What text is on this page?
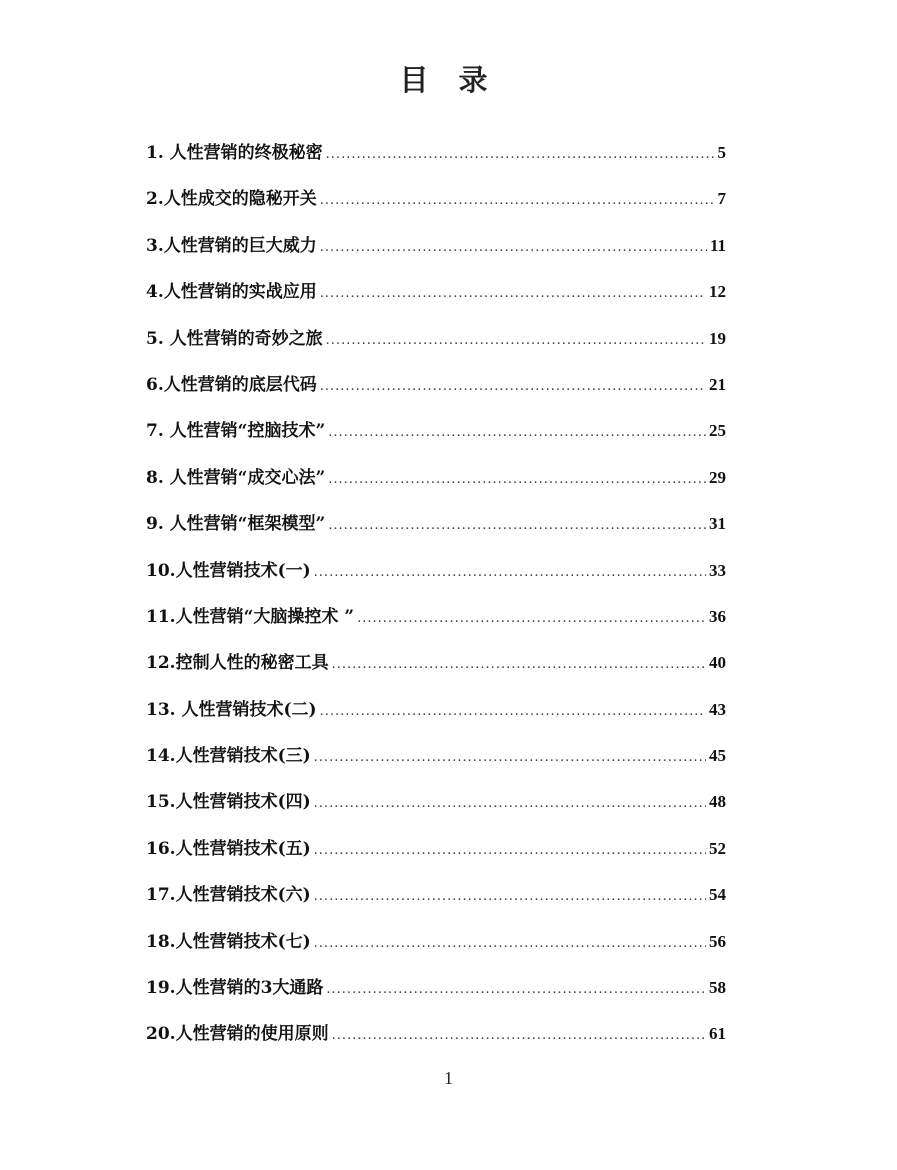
目 录
1. 人性营销的终极秘密 .....	5
2.人性成交的隐秘开关 .....	7
3.人性营销的巨大威力 .....	11
4.人性营销的实战应用 .....	12
5. 人性营销的奇妙之旅 .....	19
6.人性营销的底层代码 .....	21
7. 人性营销“控脑技术” .....	25
8. 人性营销“成交心法” .....	29
9. 人性营销“框架模型” .....	31
10.人性营销技术(一) .....	33
11.人性营销“大脑操控术 ” .....	36
12.控制人性的秘密工具 .....	40
13. 人性营销技术(二) .....	43
14.人性营销技术(三) .....	45
15.人性营销技术(四) .....	48
16.人性营销技术(五) .....	52
17.人性营销技术(六) .....	54
18.人性营销技术(七) .....	56
19.人性营销的3大通路 .....	58
20.人性营销的使用原则 .....	61
1
